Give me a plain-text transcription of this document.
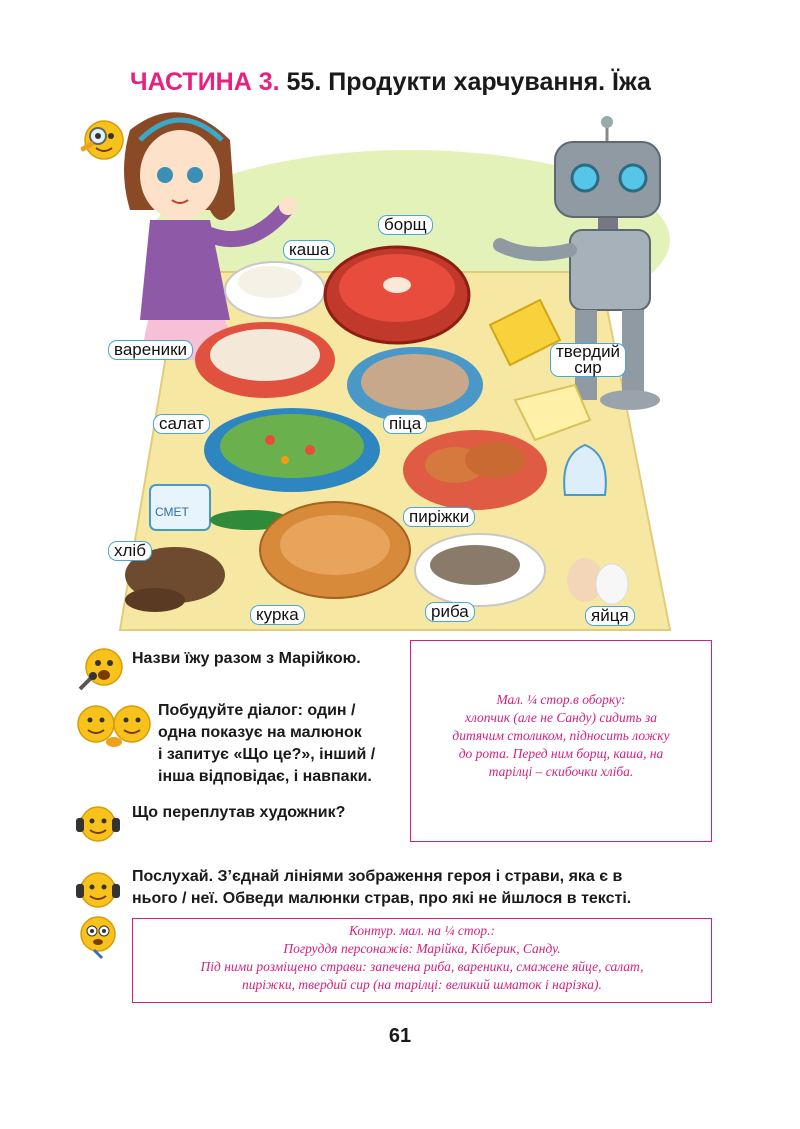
ЧАСТИНА 3. 55. Продукти харчування. Їжа
СМЕТ
борщ
каша
вареники	твердий
сир
салат	піца
пиріжки
хліб
курка	риба	яйця
Назви їжу разом з Марійкою.
Побудуйте діалог: один /
одна показує на малюнок
і запитує «Що це?», інший /
інша відповідає, і навпаки.
Що переплутав художник?
Мал. ¼ стор.в оборку:
хлопчик (але не Санду) сидить за
дитячим столиком, підносить ложку
до рота. Перед ним борщ, каша, на
тарілці – скибочки хліба.
Послухай. З’єднай лініями зображення героя і страви, яка є в
нього / неї. Обведи малюнки страв, про які не йшлося в тексті.
Контур. мал. на ¼ стор.:
Погруддя персонажів: Марійка, Кіберик, Санду.
Під ними розміщено страви: запечена риба, вареники, смажене яйце, салат,
пиріжки, твердий сир (на тарілці: великий шматок і нарізка).
61
